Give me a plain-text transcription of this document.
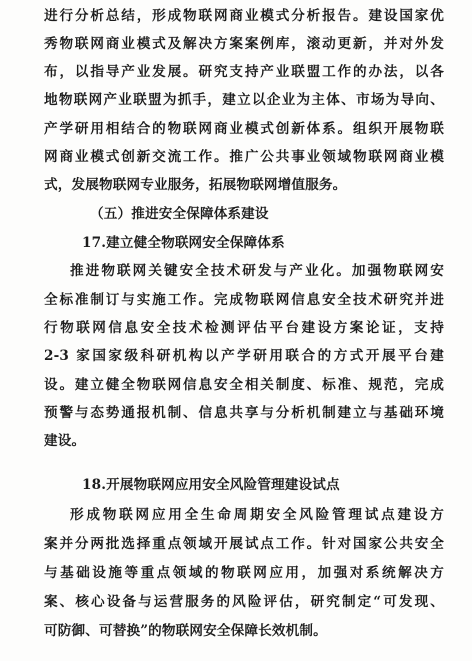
进行分析总结，形成物联网商业模式分析报告。建设国家优
秀物联网商业模式及解决方案案例库，滚动更新，并对外发
布，以指导产业发展。研究支持产业联盟工作的办法，以各
地物联网产业联盟为抓手，建立以企业为主体、市场为导向、
产学研用相结合的物联网商业模式创新体系。组织开展物联
网商业模式创新交流工作。推广公共事业领域物联网商业模
式，发展物联网专业服务，拓展物联网增值服务。
（五）推进安全保障体系建设
17.建立健全物联网安全保障体系
推进物联网关键安全技术研发与产业化。加强物联网安
全标准制订与实施工作。完成物联网信息安全技术研究并进
行物联网信息安全技术检测评估平台建设方案论证，支持
2-3 家国家级科研机构以产学研用联合的方式开展平台建
设。建立健全物联网信息安全相关制度、标准、规范，完成
预警与态势通报机制、信息共享与分析机制建立与基础环境
建设。
18.开展物联网应用安全风险管理建设试点
形成物联网应用全生命周期安全风险管理试点建设方
案并分两批选择重点领域开展试点工作。针对国家公共安全
与基础设施等重点领域的物联网应用，加强对系统解决方
案、核心设备与运营服务的风险评估，研究制定“可发现、
可防御、可替换”的物联网安全保障长效机制。
